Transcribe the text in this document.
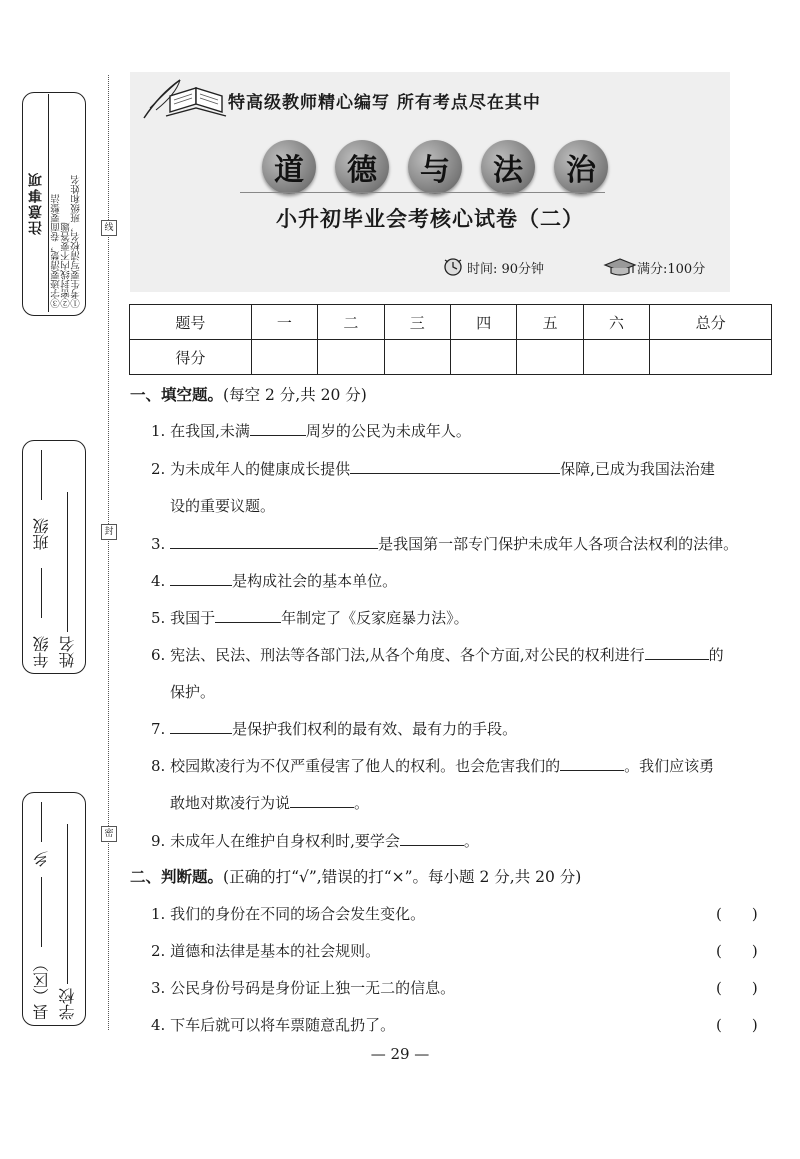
注意事项	①考生要写清校名，班级和姓名
②密封线内不要答题
③字迹要清楚，卷面要整洁
年级
班级
姓名
县（区）
乡
学校
线
封
密
特高级教师精心编写 所有考点尽在其中
道	德	与	法	治
小升初毕业会考核心试卷（二）
时间: 90分钟	满分:100分
题号	一	二	三	四	五	六	总分
得分							
一、填空题。(每空 2 分,共 20 分)
1. 在我国,未满	周岁的公民为未成年人。
2. 为未成年人的健康成长提供	保障,已成为我国法治建
设的重要议题。
3.	是我国第一部专门保护未成年人各项合法权利的法律。
4.	是构成社会的基本单位。
5. 我国于	年制定了《反家庭暴力法》。
6. 宪法、民法、刑法等各部门法,从各个角度、各个方面,对公民的权利进行	的
保护。
7.	是保护我们权利的最有效、最有力的手段。
8. 校园欺凌行为不仅严重侵害了他人的权利。也会危害我们的	。我们应该勇
敢地对欺凌行为说	。
9. 未成年人在维护自身权利时,要学会	。
二、判断题。(正确的打“√”,错误的打“×”。每小题 2 分,共 20 分)
1. 我们的身份在不同的场合会发生变化。	(　　)
2. 道德和法律是基本的社会规则。	(　　)
3. 公民身份号码是身份证上独一无二的信息。	(　　)
4. 下车后就可以将车票随意乱扔了。	(　　)
— 29 —
